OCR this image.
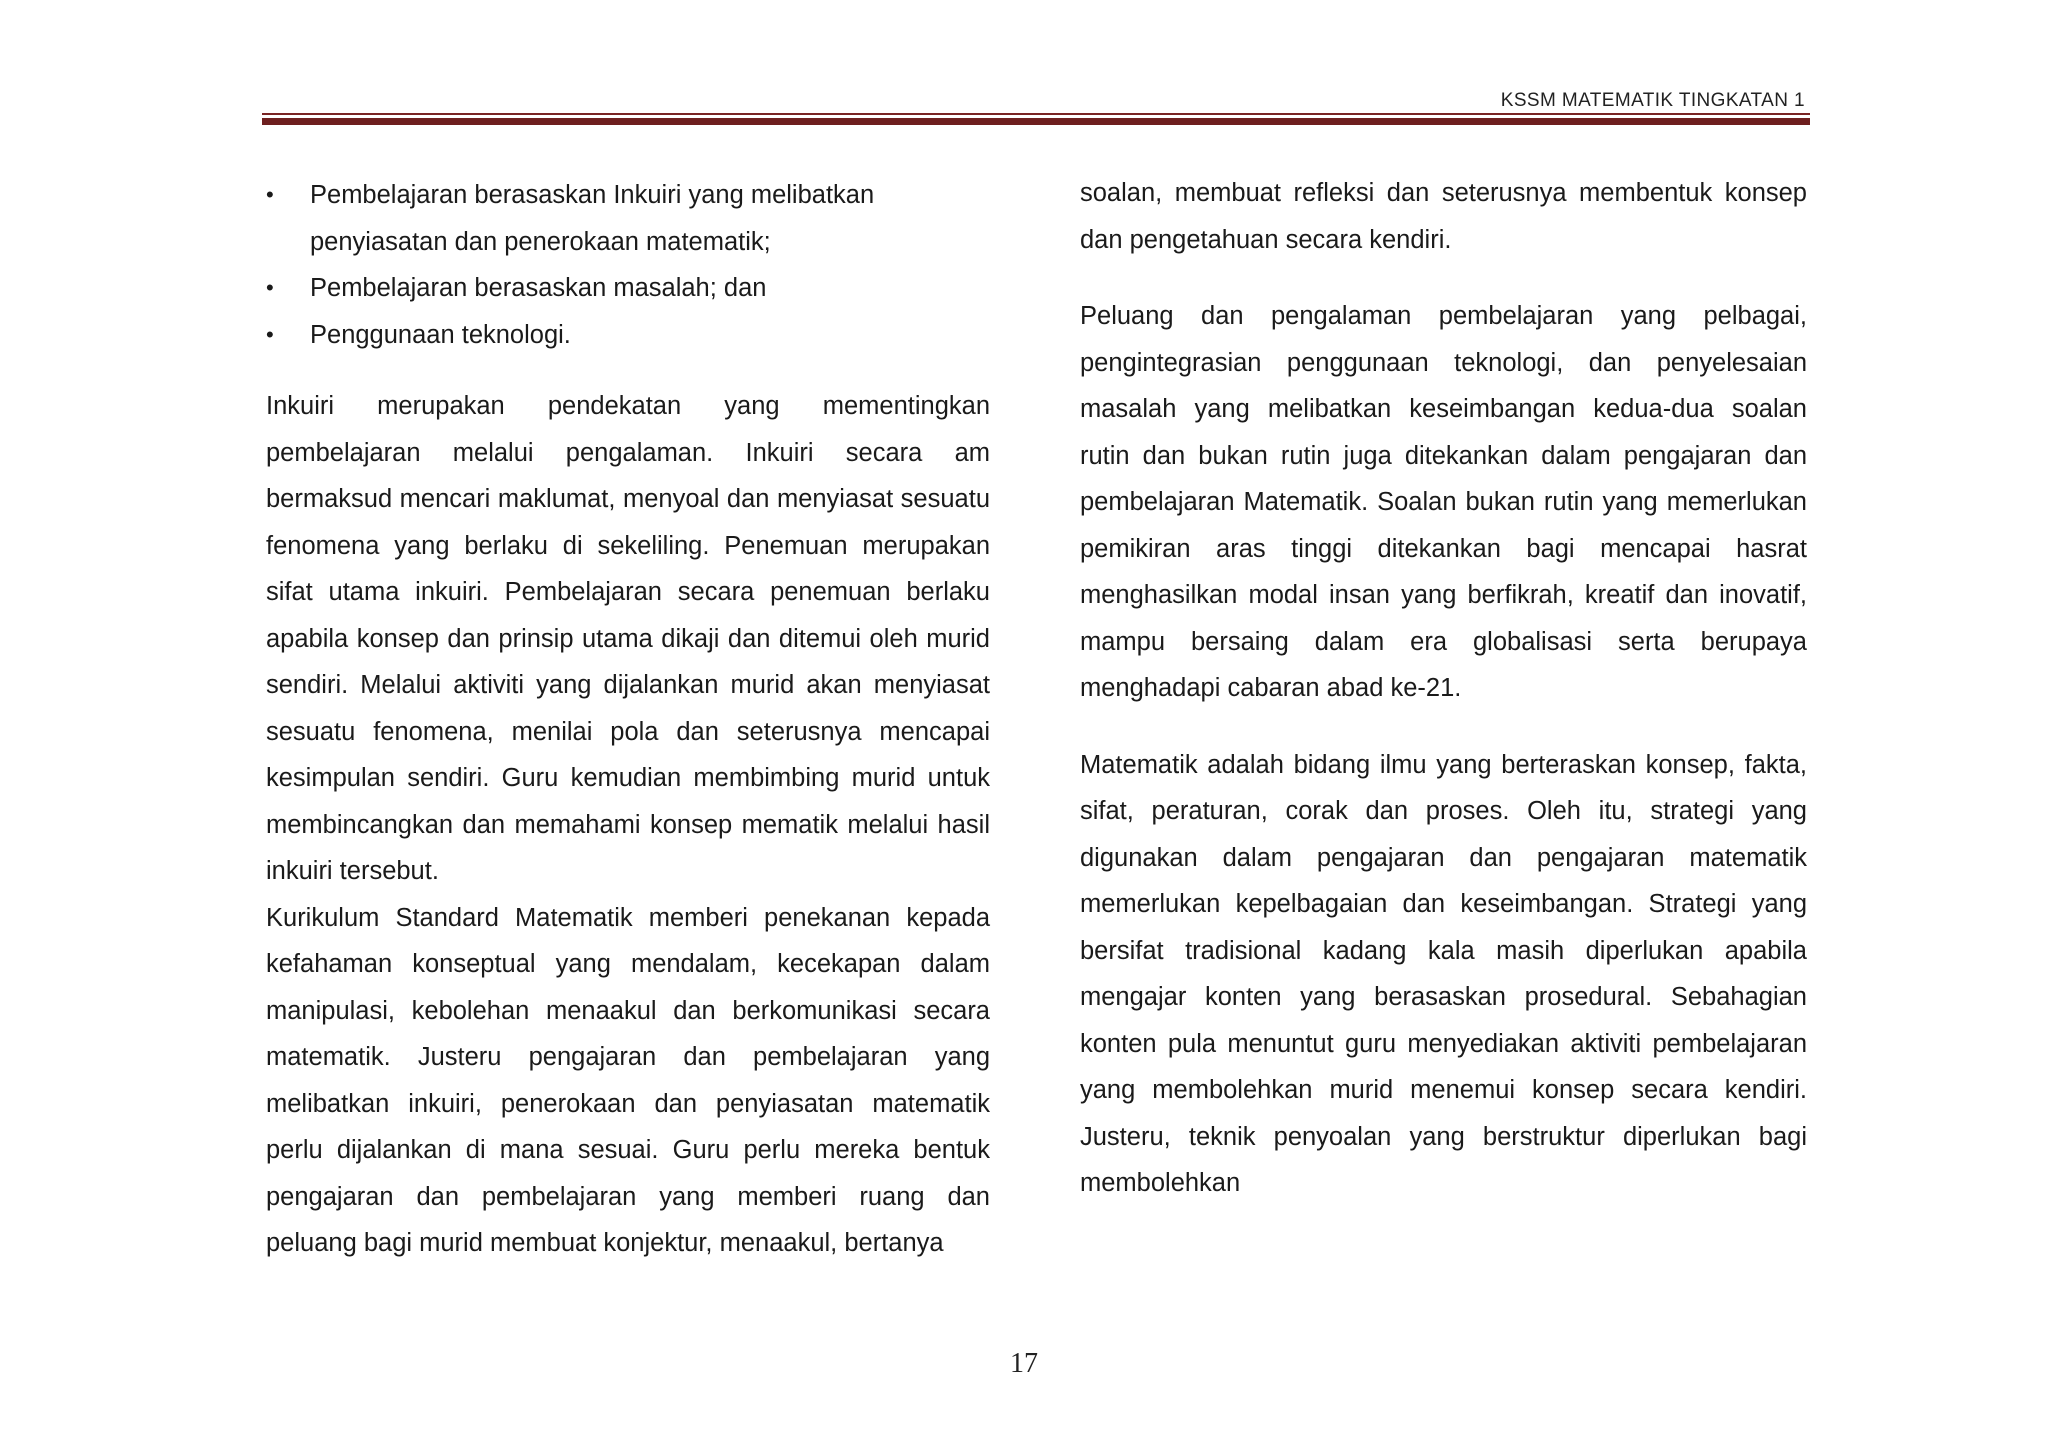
KSSM MATEMATIK TINGKATAN 1
• Pembelajaran berasaskan Inkuiri yang melibatkan penyiasatan dan penerokaan matematik;
• Pembelajaran berasaskan masalah; dan
• Penggunaan teknologi.

Inkuiri merupakan pendekatan yang mementingkan pembelajaran melalui pengalaman. Inkuiri secara am bermaksud mencari maklumat, menyoal dan menyiasat sesuatu fenomena yang berlaku di sekeliling. Penemuan merupakan sifat utama inkuiri. Pembelajaran secara penemuan berlaku apabila konsep dan prinsip utama dikaji dan ditemui oleh murid sendiri. Melalui aktiviti yang dijalankan murid akan menyiasat sesuatu fenomena, menilai pola dan seterusnya mencapai kesimpulan sendiri. Guru kemudian membimbing murid untuk membincangkan dan memahami konsep mematik melalui hasil inkuiri tersebut.

Kurikulum Standard Matematik memberi penekanan kepada kefahaman konseptual yang mendalam, kecekapan dalam manipulasi, kebolehan menaakul dan berkomunikasi secara matematik. Justeru pengajaran dan pembelajaran yang melibatkan inkuiri, penerokaan dan penyiasatan matematik perlu dijalankan di mana sesuai. Guru perlu mereka bentuk pengajaran dan pembelajaran yang memberi ruang dan peluang bagi murid membuat konjektur, menaakul, bertanya

soalan, membuat refleksi dan seterusnya membentuk konsep dan pengetahuan secara kendiri.

Peluang dan pengalaman pembelajaran yang pelbagai, pengintegrasian penggunaan teknologi, dan penyelesaian masalah yang melibatkan keseimbangan kedua-dua soalan rutin dan bukan rutin juga ditekankan dalam pengajaran dan pembelajaran Matematik. Soalan bukan rutin yang memerlukan pemikiran aras tinggi ditekankan bagi mencapai hasrat menghasilkan modal insan yang berfikrah, kreatif dan inovatif, mampu bersaing dalam era globalisasi serta berupaya menghadapi cabaran abad ke-21.

Matematik adalah bidang ilmu yang berteraskan konsep, fakta, sifat, peraturan, corak dan proses. Oleh itu, strategi yang digunakan dalam pengajaran dan pengajaran matematik memerlukan kepelbagaian dan keseimbangan. Strategi yang bersifat tradisional kadang kala masih diperlukan apabila mengajar konten yang berasaskan prosedural. Sebahagian konten pula menuntut guru menyediakan aktiviti pembelajaran yang membolehkan murid menemui konsep secara kendiri. Justeru, teknik penyoalan yang berstruktur diperlukan bagi membolehkan

17
